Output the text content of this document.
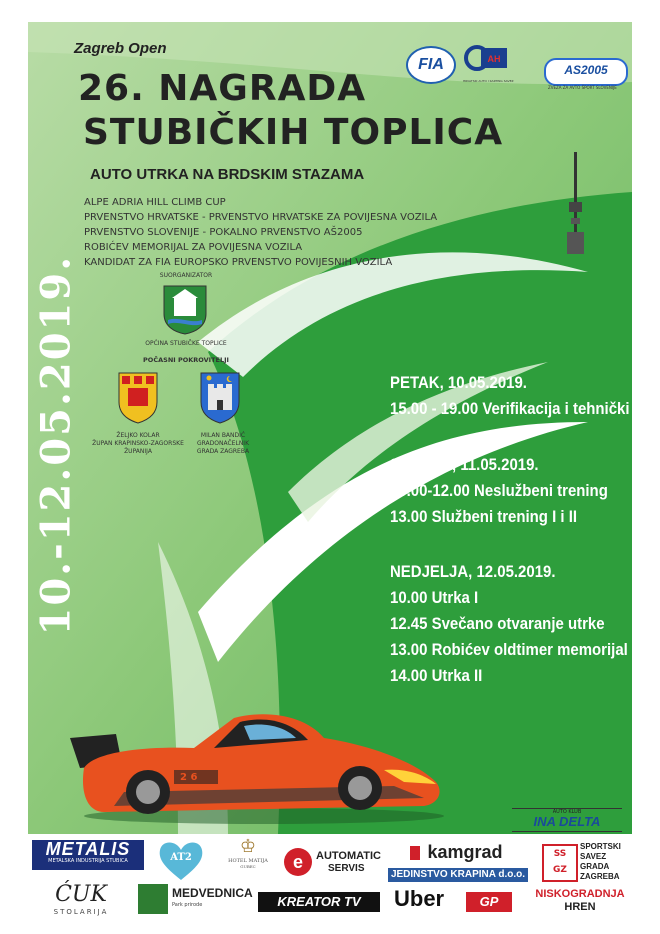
Zagreb Open
26. NAGRADA
STUBIČKIH TOPLICA
AUTO UTRKA NA BRDSKIM STAZAMA
ALPE ADRIA HILL CLIMB CUP
PRVENSTVO HRVATSKE - PRVENSTVO HRVATSKE ZA POVIJESNA VOZILA
PRVENSTVO SLOVENIJE - POKALNO PRVENSTVO AŠ2005
ROBIĆEV MEMORIJAL ZA POVIJESNA VOZILA
KANDIDAT ZA FIA EUROPSKO PRVENSTVO POVIJESNIH VOZILA
FIA	AH
HRVATSKI AUTO I KARTING SAVEZ
AS2005
ZVEZA ZA AVTO ŠPORT SLOVENIJE
10.-12.05.2019.	SUORGANIZATOR
OPĆINA STUBIČKE TOPLICE
POČASNI POKROVITELJI
ŽELJKO KOLAR
ŽUPAN KRAPINSKO-ZAGORSKE
ŽUPANIJA
MILAN BANDIĆ
GRADONAČELNIK
GRADA ZAGREBA
PETAK, 10.05.2019.
15.00 - 19.00 Verifikacija i tehnički
SUBOTA, 11.05.2019.
10.00-12.00 Neslužbeni trening
13.00 Službeni trening I i II
NEDJELJA, 12.05.2019.
10.00 Utrka I
12.45 Svečano otvaranje utrke
13.00 Robićev oldtimer memorijal
14.00 Utrka II
2 6
AUTO KLUB
INA DELTA
METALIS
METALSKA INDUSTRIJA STUBICA	AT2
♔
HOTEL MATIJA
GUBEC	e	AUTOMATIC
SERVIS
kamgrad
JEDINSTVO KRAPINA d.o.o.
SS
GZ
SPORTSKI
SAVEZ
GRADA
ZAGREBA
ĆUK
STOLARIJA
MEDVEDNICA
Park prirode	KREATOR TV	Uber	GP	NISKOGRADNJA
HREN
